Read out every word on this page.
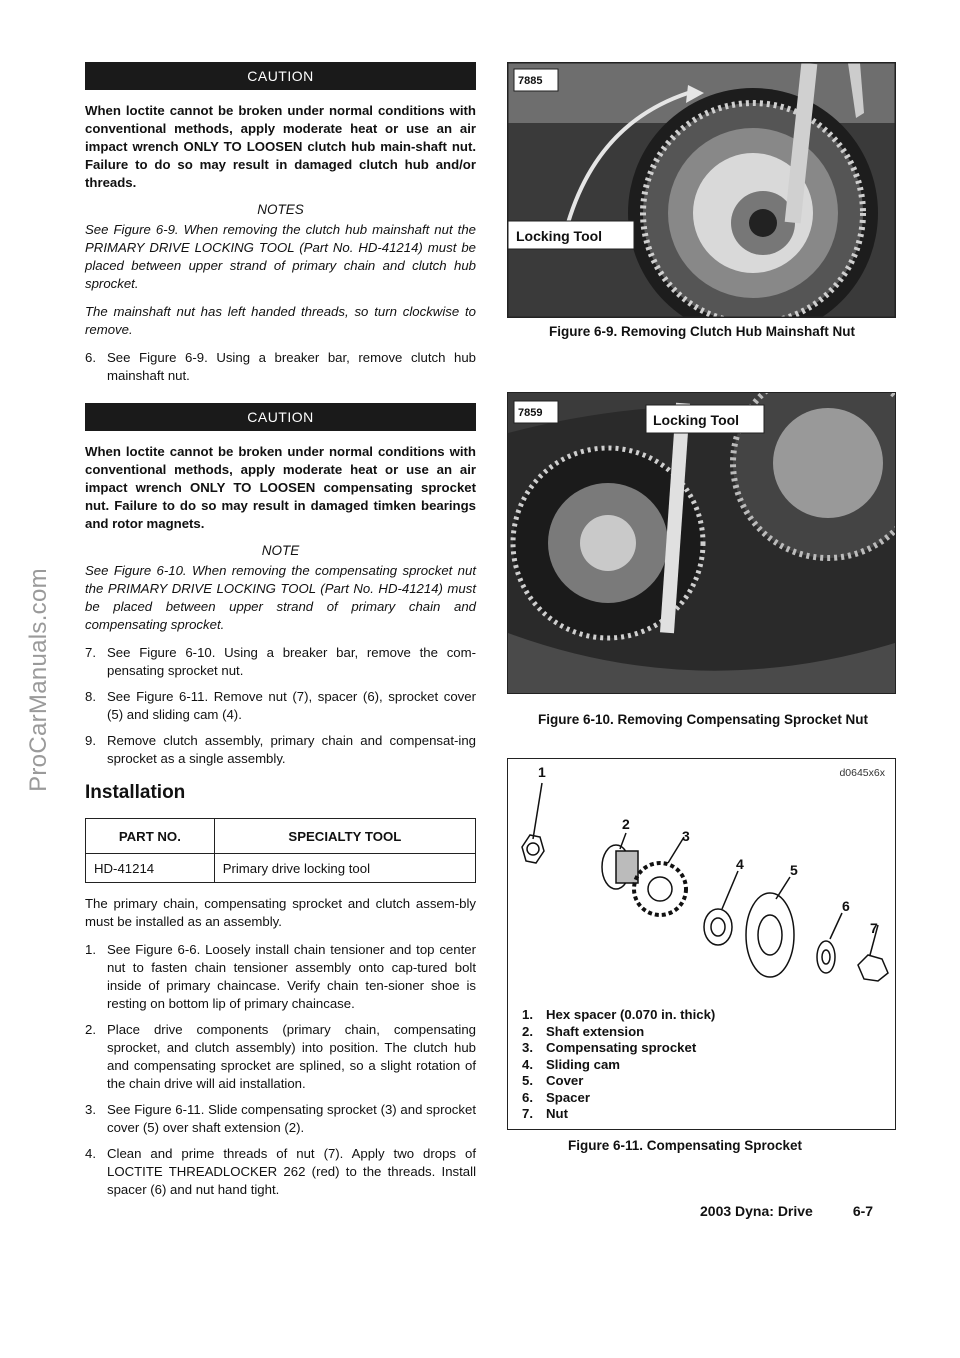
ProCarManuals.com
CAUTION

When loctite cannot be broken under normal conditions with conventional methods, apply moderate heat or use an air impact wrench ONLY TO LOOSEN clutch hub main-shaft nut. Failure to do so may result in damaged clutch hub and/or threads.

NOTES

See Figure 6-9. When removing the clutch hub mainshaft nut the PRIMARY DRIVE LOCKING TOOL (Part No. HD-41214) must be placed between upper strand of primary chain and clutch hub sprocket.

The mainshaft nut has left handed threads, so turn clockwise to remove.

6. See Figure 6-9. Using a breaker bar, remove clutch hub mainshaft nut.
CAUTION

When loctite cannot be broken under normal conditions with conventional methods, apply moderate heat or use an air impact wrench ONLY TO LOOSEN compensating sprocket nut. Failure to do so may result in damaged timken bearings and rotor magnets.

NOTE

See Figure 6-10. When removing the compensating sprocket nut the PRIMARY DRIVE LOCKING TOOL (Part No. HD-41214) must be placed between upper strand of primary chain and compensating sprocket.

7. See Figure 6-10. Using a breaker bar, remove the com-pensating sprocket nut.
8. See Figure 6-11. Remove nut (7), spacer (6), sprocket cover (5) and sliding cam (4).
9. Remove clutch assembly, primary chain and compensat-ing sprocket as a single assembly.
Installation
PART NO.	SPECIALTY TOOL
HD-41214	Primary drive locking tool

The primary chain, compensating sprocket and clutch assem-bly must be installed as an assembly.

1. See Figure 6-6. Loosely install chain tensioner and top center nut to fasten chain tensioner assembly onto cap-tured bolt inside of primary chaincase. Verify chain ten-sioner shoe is resting on bottom lip of primary chaincase.
2. Place drive components (primary chain, compensating sprocket, and clutch assembly) into position. The clutch hub and compensating sprocket are splined, so a slight rotation of the chain drive will aid installation.
3. See Figure 6-11. Slide compensating sprocket (3) and sprocket cover (5) over shaft extension (2).
4. Clean and prime threads of nut (7). Apply two drops of LOCTITE THREADLOCKER 262 (red) to the threads. Install spacer (6) and nut hand tight.
7885
Locking Tool
Figure 6-9. Removing Clutch Hub Mainshaft Nut
7859	Locking Tool
Figure 6-10. Removing Compensating Sprocket Nut
d0645x6x
1
2
3
4	5
6
7
1. Hex spacer (0.070 in. thick)
2. Shaft extension
3. Compensating sprocket
4. Sliding cam
5. Cover
6. Spacer
7. Nut
Figure 6-11. Compensating Sprocket
2003 Dyna: Drive	6-7
